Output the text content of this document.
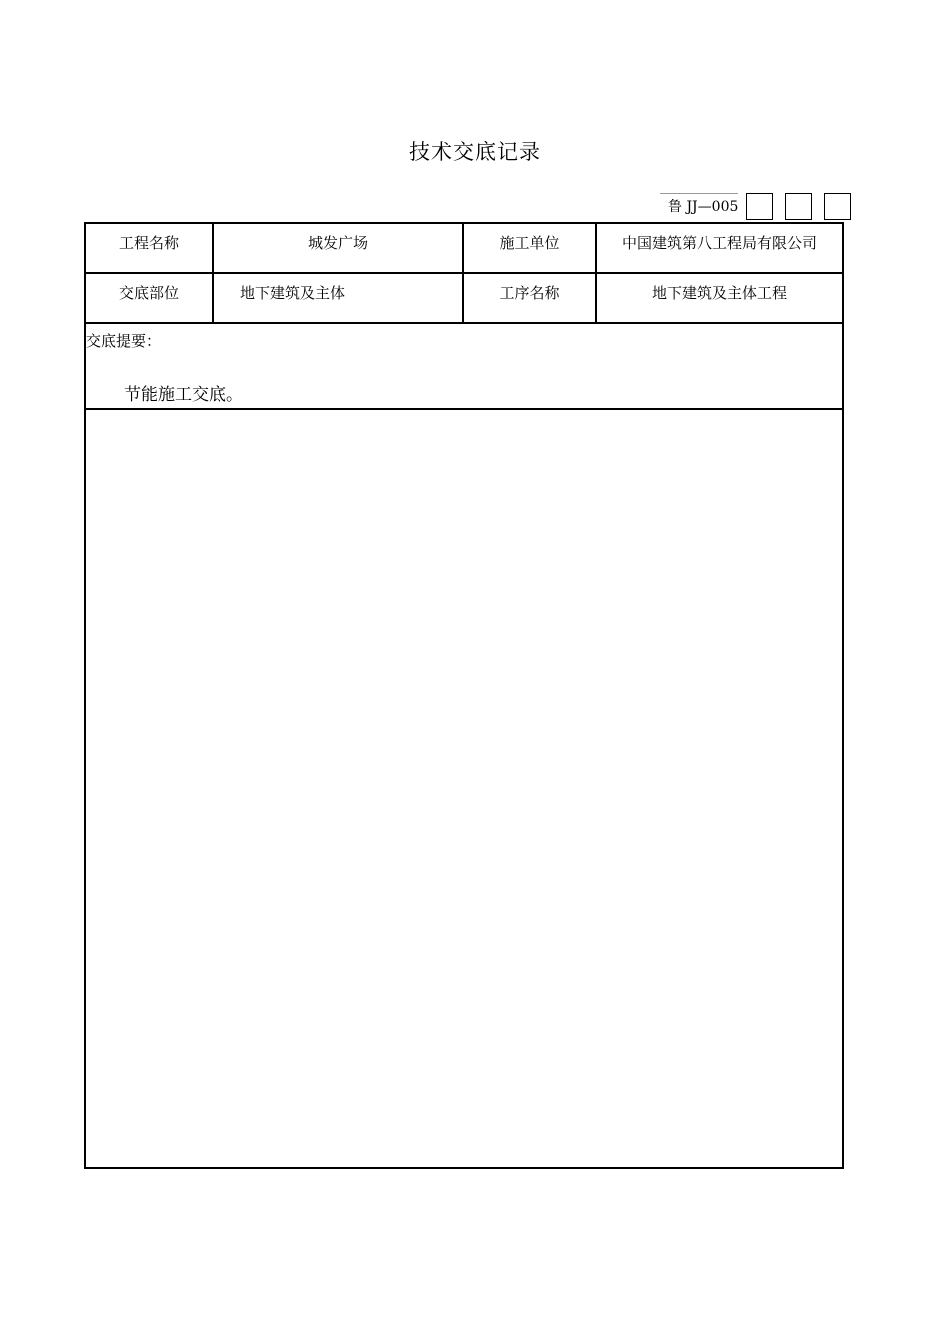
技术交底记录
鲁 JJ—005
工程名称	城发广场	施工单位	中国建筑第八工程局有限公司
交底部位	地下建筑及主体	工序名称	地下建筑及主体工程
交底提要：
节能施工交底。
